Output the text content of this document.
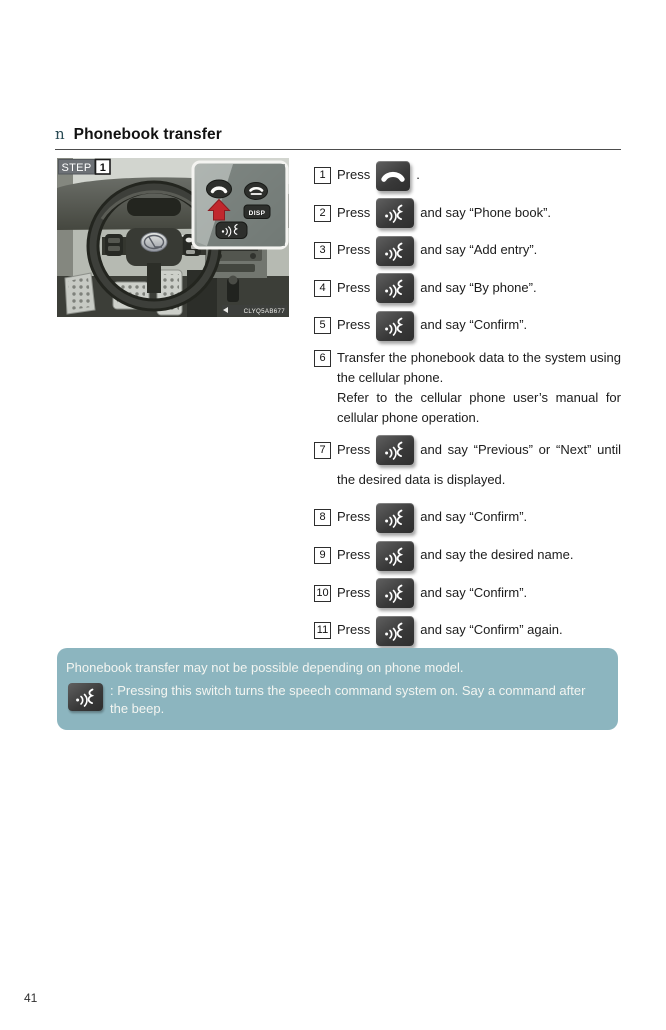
n Phonebook transfer
DISP
STEP 1
CLYQ5AB677
1 Press	.
2 Press	and say “Phone book”.
3 Press	and say “Add entry”.
4 Press	and say “By phone”.
5 Press	and say “Confirm”.
6 Transfer the phonebook data to the system using the cellular phone.
Refer to the cellular phone user’s manual for cellular phone operation.
7 Press	and say “Previous” or “Next” until the desired data is displayed.
8 Press	and say “Confirm”.
9 Press	and say the desired name.
10 Press	and say “Confirm”.
11 Press	and say “Confirm” again.
Phonebook transfer may not be possible depending on phone model.
: Pressing this switch turns the speech command system on. Say a command after the beep.
41
